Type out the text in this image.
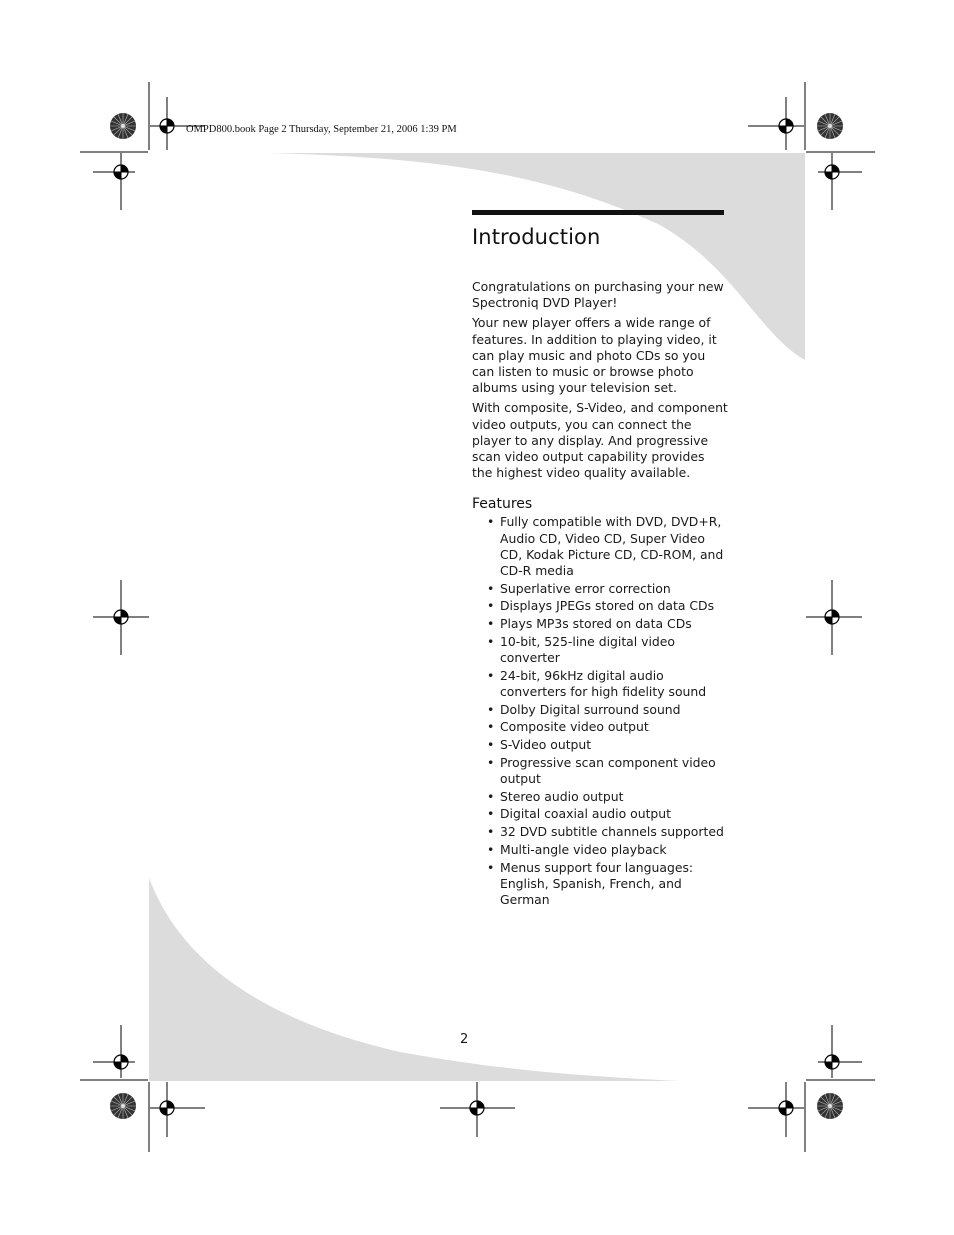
OMPD800.book Page 2 Thursday, September 21, 2006 1:39 PM
Introduction

Congratulations on purchasing your new Spectroniq DVD Player!

Your new player offers a wide range of features. In addition to playing video, it can play music and photo CDs so you can listen to music or browse photo albums using your television set.

With composite, S-Video, and component video outputs, you can connect the player to any display. And progressive scan video output capability provides the highest video quality available.

Features
• Fully compatible with DVD, DVD+R, Audio CD, Video CD, Super Video CD, Kodak Picture CD, CD-ROM, and CD-R media
• Superlative error correction
• Displays JPEGs stored on data CDs
• Plays MP3s stored on data CDs
• 10-bit, 525-line digital video converter
• 24-bit, 96kHz digital audio converters for high fidelity sound
• Dolby Digital surround sound
• Composite video output
• S-Video output
• Progressive scan component video output
• Stereo audio output
• Digital coaxial audio output
• 32 DVD subtitle channels supported
• Multi-angle video playback
• Menus support four languages: English, Spanish, French, and German
2
